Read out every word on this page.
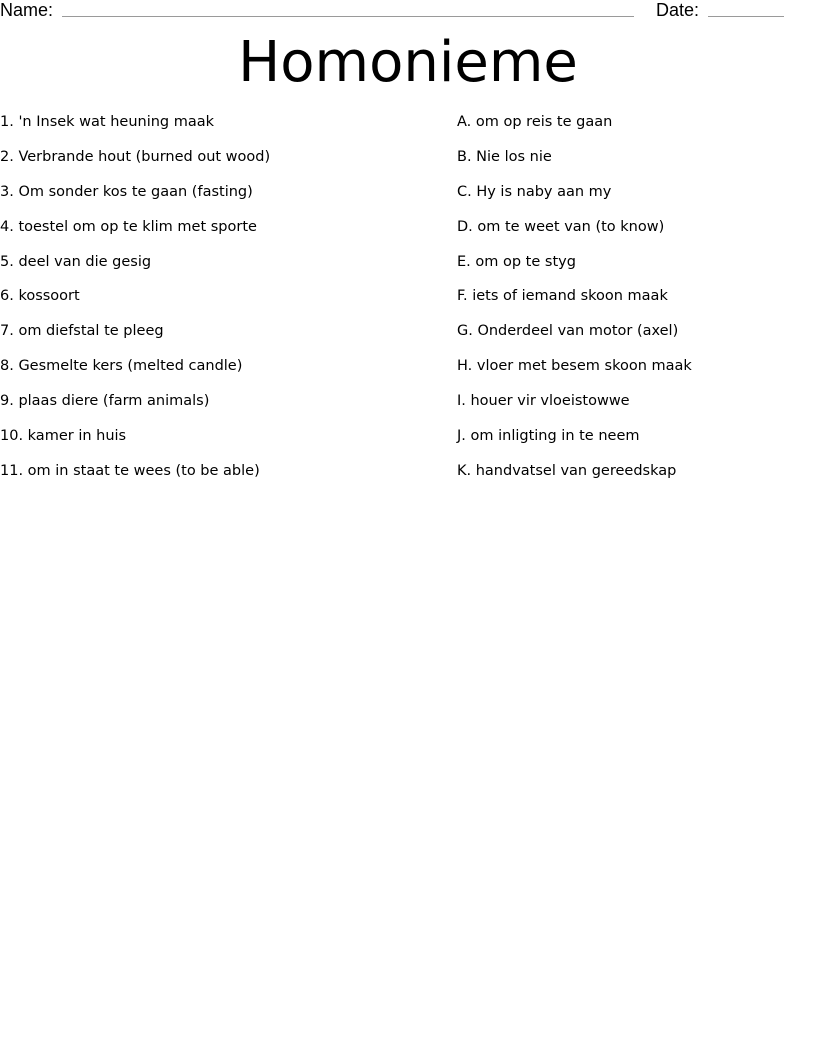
Name:	Date:
Homonieme
1. 'n Insek wat heuning maak
2. Verbrande hout (burned out wood)
3. Om sonder kos te gaan (fasting)
4. toestel om op te klim met sporte
5. deel van die gesig
6. kossoort
7. om diefstal te pleeg
8. Gesmelte kers (melted candle)
9. plaas diere (farm animals)
10. kamer in huis
11. om in staat te wees (to be able)
A. om op reis te gaan
B. Nie los nie
C. Hy is naby aan my
D. om te weet van (to know)
E. om op te styg
F. iets of iemand skoon maak
G. Onderdeel van motor (axel)
H. vloer met besem skoon maak
I. houer vir vloeistowwe
J. om inligting in te neem
K. handvatsel van gereedskap
